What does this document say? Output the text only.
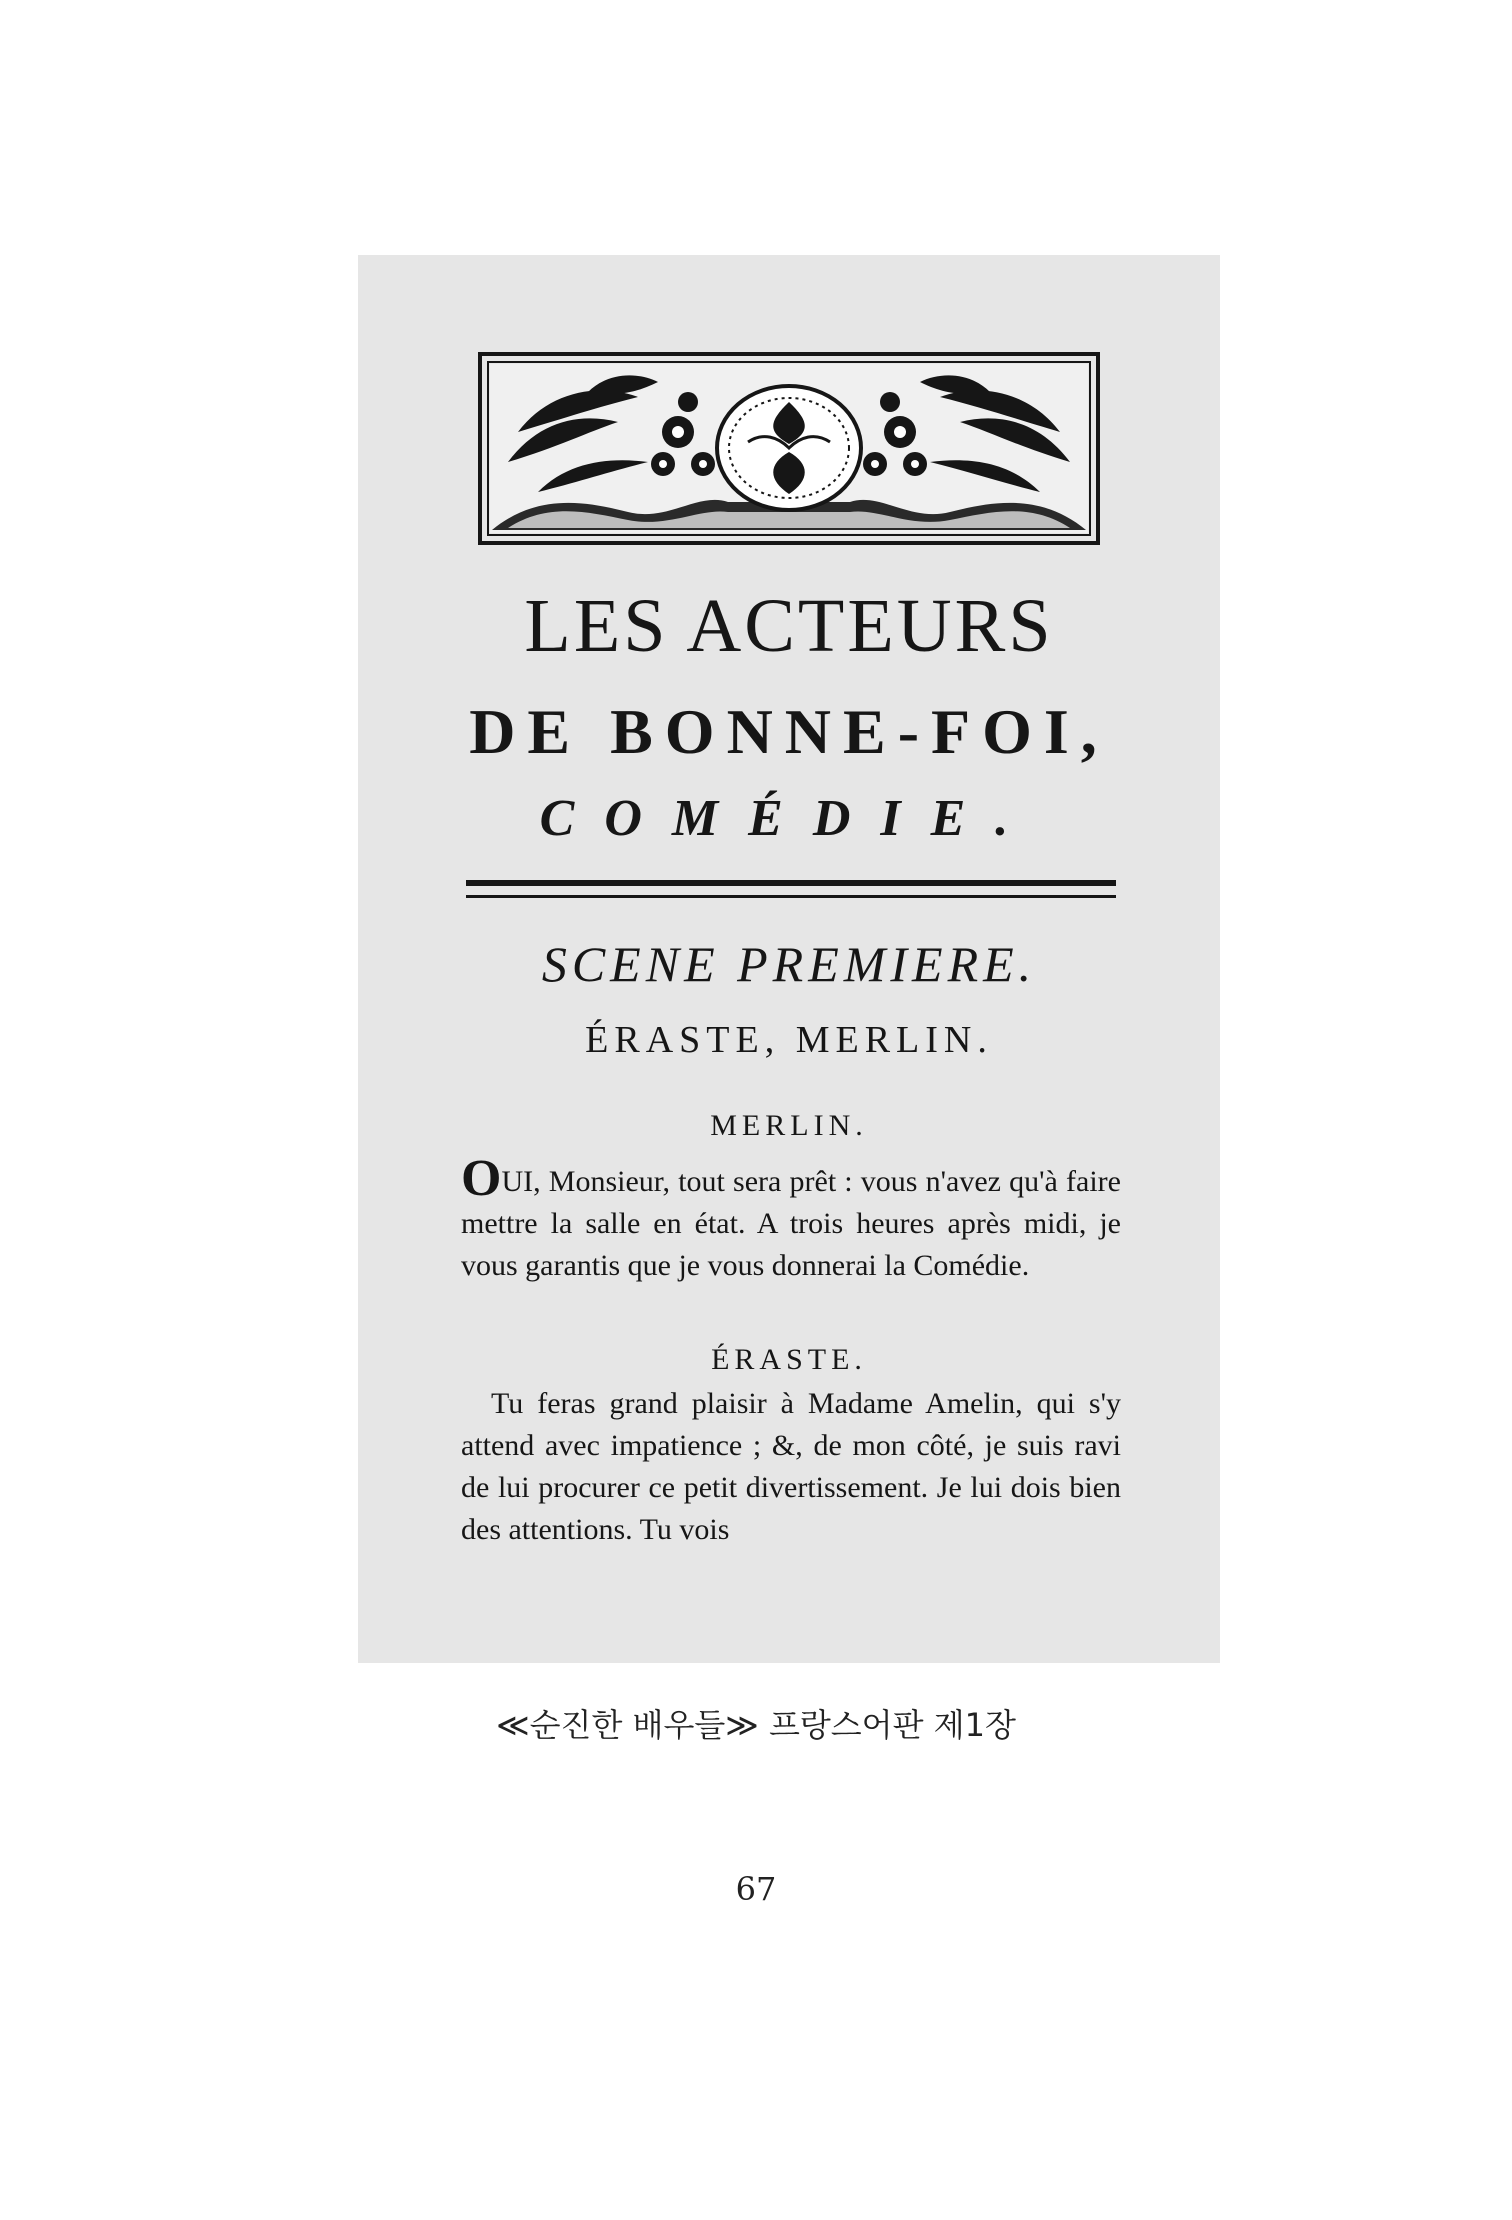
LES ACTEURS
DE BONNE-FOI,
COMÉDIE.
SCENE PREMIERE.
ÉRASTE, MERLIN.
MERLIN.
OUI, Monsieur, tout sera prêt : vous n'avez qu'à faire mettre la salle en état. A trois heures après midi, je vous garantis que je vous donnerai la Comédie.
ÉRASTE.
Tu feras grand plaisir à Madame Amelin, qui s'y attend avec impatience ; &, de mon côté, je suis ravi de lui procurer ce petit divertissement. Je lui dois bien des attentions. Tu vois
≪순진한 배우들≫ 프랑스어판 제1장
67
